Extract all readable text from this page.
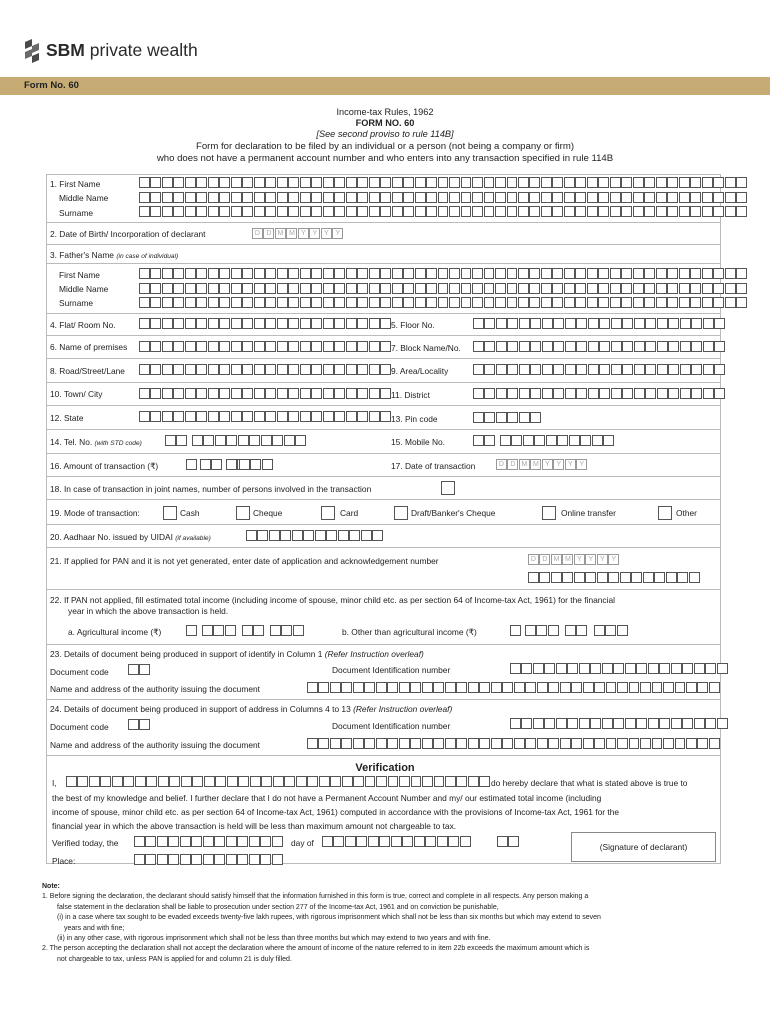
SBM private wealth
Form No. 60
Income-tax Rules, 1962
FORM NO. 60
[See second proviso to rule 114B]
Form for declaration to be filed by an individual or a person (not being a company or firm)
who does not have a permanent account number and who enters into any transaction specified in rule 114B
1. First Name
Middle Name
Surname
2. Date of Birth/ Incorporation of declarant	D D M M Y Y Y Y
3. Father's Name (in case of individual)
First Name
Middle Name
Surname
4. Flat/ Room No.	5. Floor No.
6. Name of premises	7. Block Name/No.
8. Road/Street/Lane	9. Area/Locality
10. Town/ City	11. District
12. State	13. Pin code
14. Tel. No. (with STD code)	15. Mobile No.
16. Amount of transaction (₹)	17. Date of transaction	D D M M Y Y Y Y
18. In case of transaction in joint names, number of persons involved in the transaction
19. Mode of transaction:	Cash	Cheque	Card	Draft/Banker's Cheque	Online transfer	Other
20. Aadhaar No. issued by UIDAI (if available)
21. If applied for PAN and it is not yet generated, enter date of application and acknowledgement number	D D M M Y Y Y Y
22. If PAN not applied, fill estimated total income (including income of spouse, minor child etc. as per section 64 of Income-tax Act, 1961) for the financial
year in which the above transaction is held.
a. Agricultural income (₹)	b. Other than agricultural income (₹)
23. Details of document being produced in support of identify in Column 1 (Refer Instruction overleaf)
Document code	Document Identification number
Name and address of the authority issuing the document
24. Details of document being produced in support of address in Columns 4 to 13 (Refer Instruction overleaf)
Document code	Document Identification number
Name and address of the authority issuing the document
Verification
I,	do hereby declare that what is stated above is true to
the best of my knowledge and belief. I further declare that I do not have a Permanent Account Number and my/ our estimated total income (including
income of spouse, minor child etc. as per section 64 of Income-tax Act, 1961) computed in accordance with the provisions of Income-tax Act, 1961 for the
financial year in which the above transaction is held will be less than maximum amount not chargeable to tax.
Verified today, the	day of
Place:
(Signature of declarant)

Note:

1. Before signing the declaration, the declarant should satisfy himself that the information furnished in this form is true, correct and complete in all respects. Any person making a

false statement in the declaration shall be liable to prosecution under section 277 of the Income-tax Act, 1961 and on conviction be punishable,

(i) in a case where tax sought to be evaded exceeds twenty-five lakh rupees, with rigorous imprisonment which shall not be less than six months but which may extend to seven

years and with fine;

(ii) in any other case, with rigorous imprisonment which shall not be less than three months but which may extend to two years and with fine.

2. The person accepting the declaration shall not accept the declaration where the amount of income of the nature referred to in item 22b exceeds the maximum amount which is

not chargeable to tax, unless PAN is applied for and column 21 is duly filled.
